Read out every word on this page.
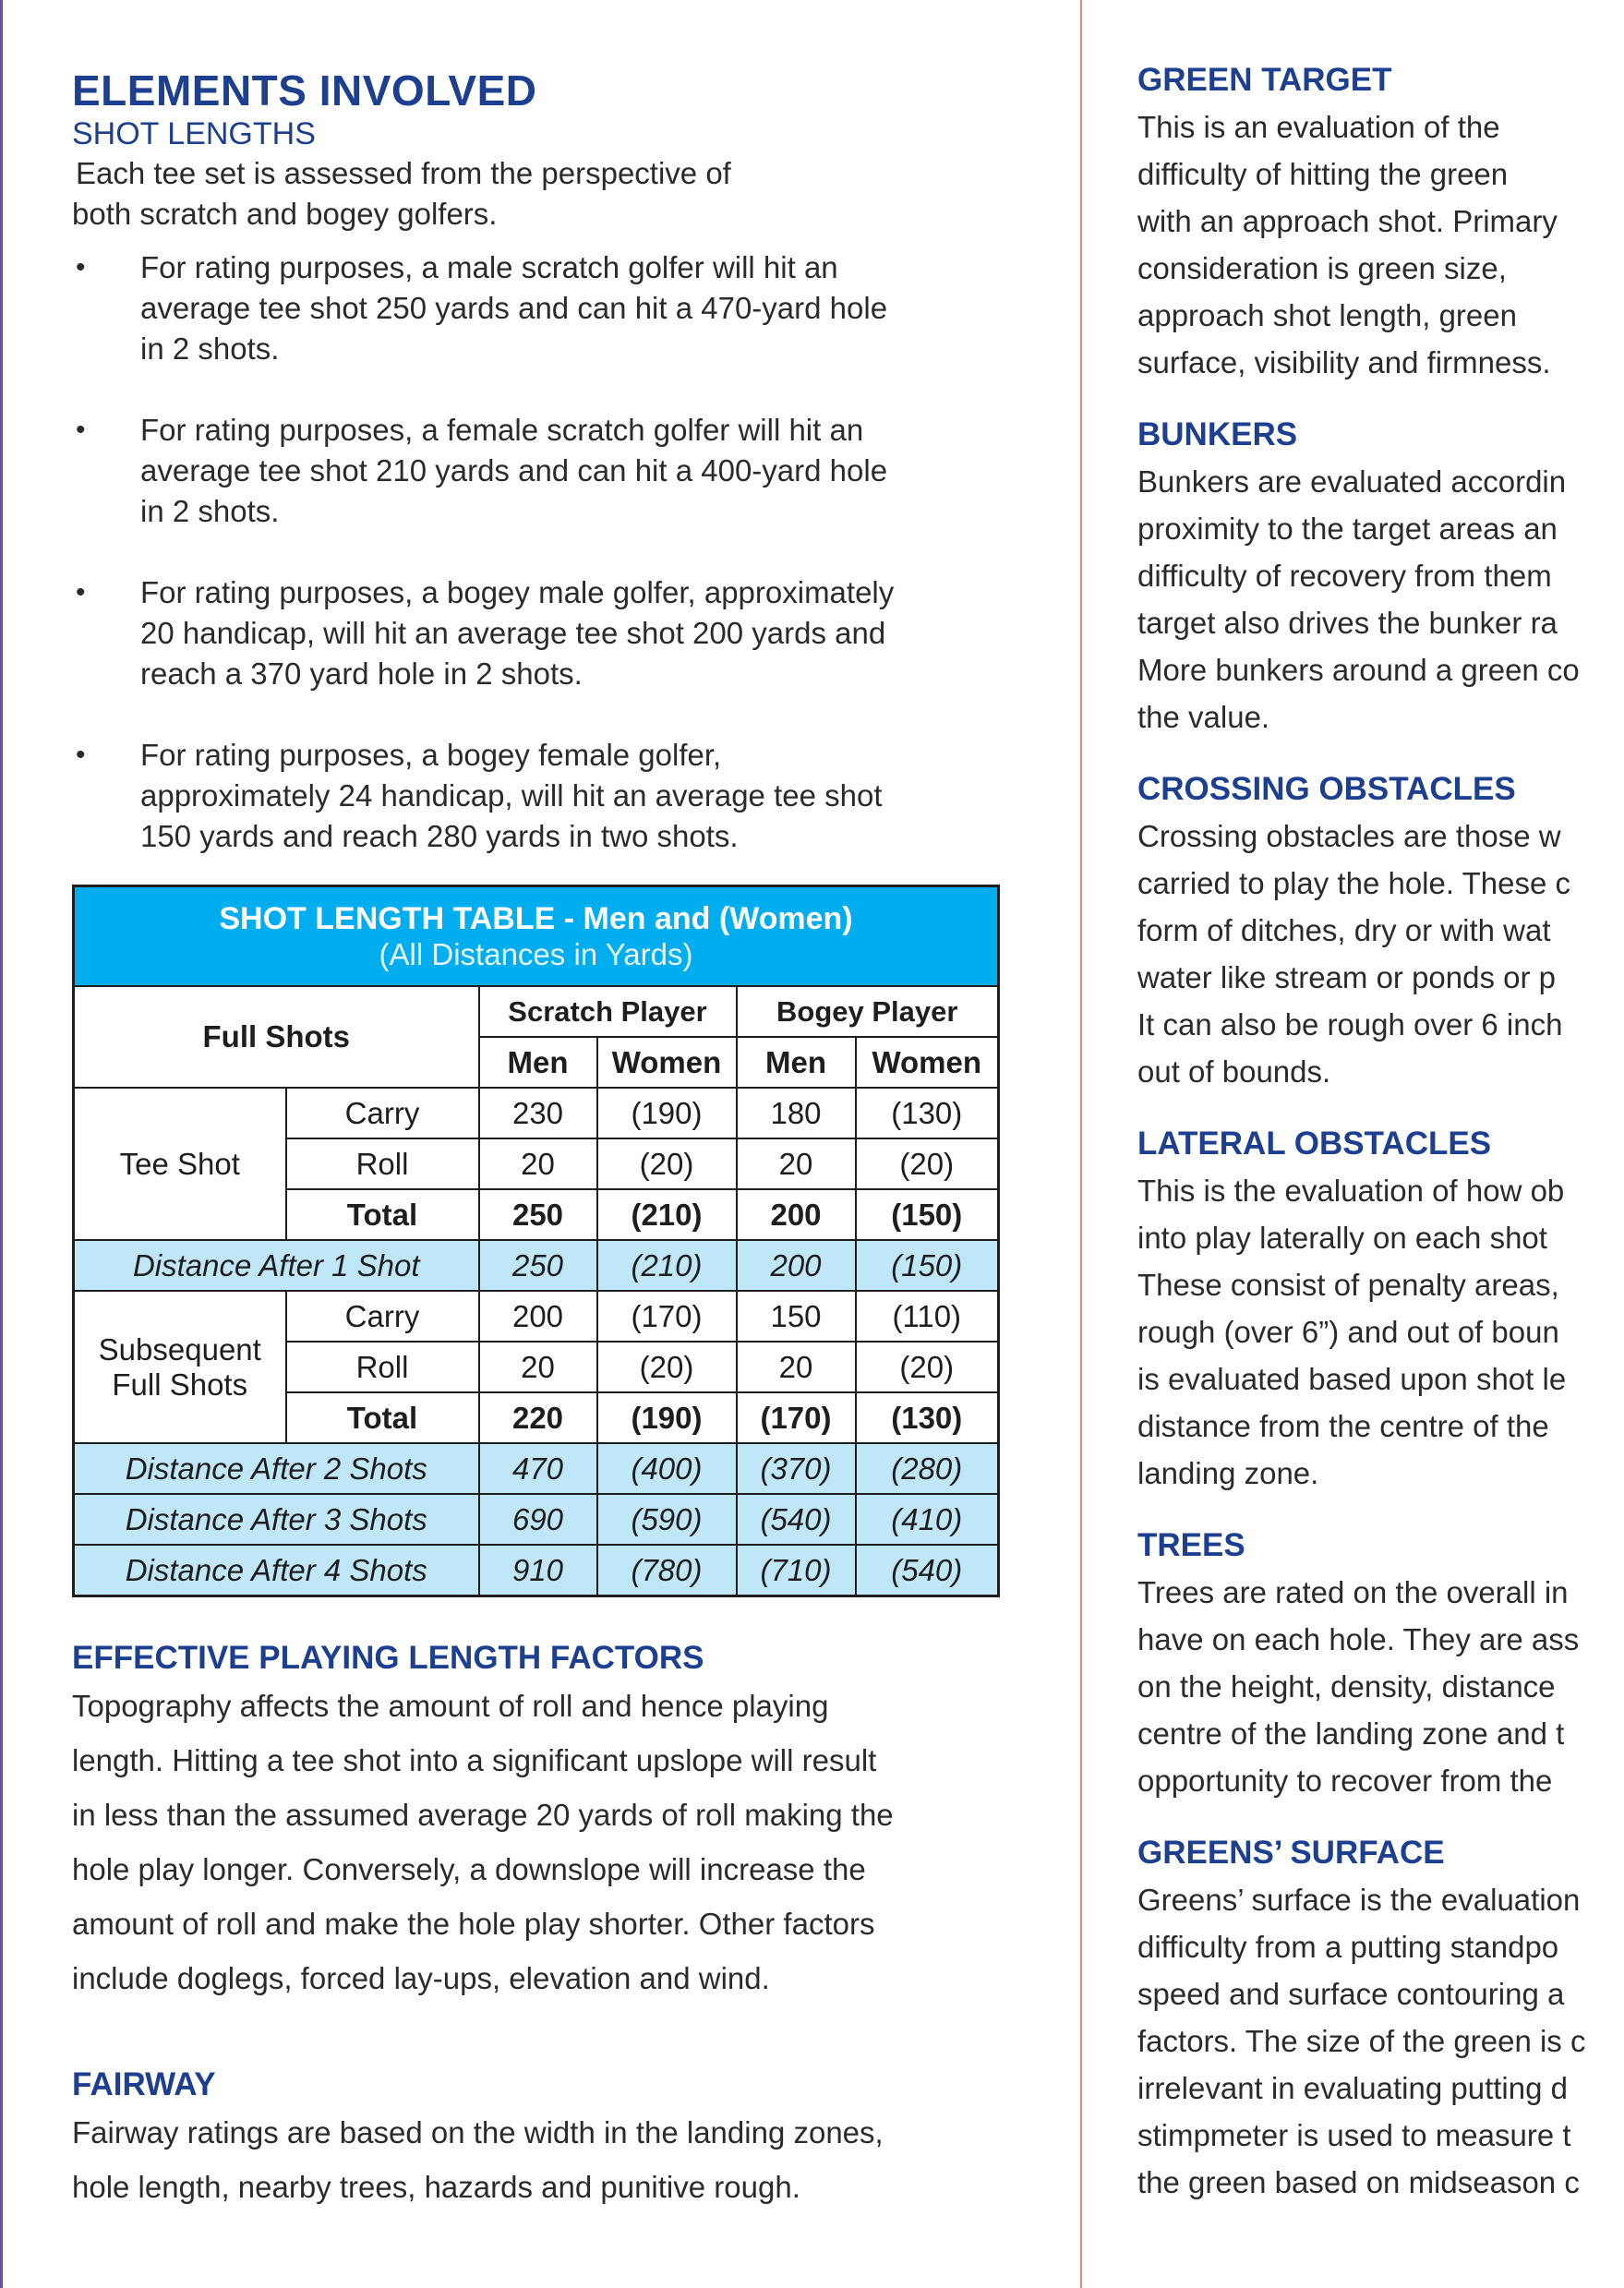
ELEMENTS INVOLVED

SHOT LENGTHS

Each tee set is assessed from the perspective of
both scratch and bogey golfers.

• For rating purposes, a male scratch golfer will hit an
average tee shot 250 yards and can hit a 470-yard hole
in 2 shots.
• For rating purposes, a female scratch golfer will hit an
average tee shot 210 yards and can hit a 400-yard hole
in 2 shots.
• For rating purposes, a bogey male golfer, approximately
20 handicap, will hit an average tee shot 200 yards and
reach a 370 yard hole in 2 shots.
• For rating purposes, a bogey female golfer,
approximately 24 handicap, will hit an average tee shot
150 yards and reach 280 yards in two shots.
SHOT LENGTH TABLE - Men and (Women)
(All Distances in Yards)					

Full Shots		Scratch Player		Bogey Player	
		Men	Women	Men	Women
Tee Shot	Carry	230	(190)	180	(130)
	Roll	20	(20)	20	(20)
	Total	250	(210)	200	(150)
Distance After 1 Shot		250	(210)	200	(150)

Subsequent
Full Shots	Carry	200	(170)	150	(110)
	Roll	20	(20)	20	(20)
	Total	220	(190)	(170)	(130)
Distance After 2 Shots		470	(400)	(370)	(280)
Distance After 3 Shots		690	(590)	(540)	(410)
Distance After 4 Shots		910	(780)	(710)	(540)
EFFECTIVE PLAYING LENGTH FACTORS

Topography affects the amount of roll and hence playing
length. Hitting a tee shot into a significant upslope will result
in less than the assumed average 20 yards of roll making the
hole play longer. Conversely, a downslope will increase the
amount of roll and make the hole play shorter. Other factors
include doglegs, forced lay-ups, elevation and wind.

FAIRWAY

Fairway ratings are based on the width in the landing zones,
hole length, nearby trees, hazards and punitive rough.

GREEN TARGET

This is an evaluation of the
difficulty of hitting the green
with an approach shot. Primary
consideration is green size,
approach shot length, green
surface, visibility and firmness.

BUNKERS

Bunkers are evaluated accordin
proximity to the target areas an
difficulty of recovery from them
target also drives the bunker ra
More bunkers around a green co
the value.

CROSSING OBSTACLES

Crossing obstacles are those w
carried to play the hole. These c
form of ditches, dry or with wat
water like stream or ponds or p
It can also be rough over 6 inch
out of bounds.

LATERAL OBSTACLES

This is the evaluation of how ob
into play laterally on each shot
These consist of penalty areas,
rough (over 6”) and out of boun
is evaluated based upon shot le
distance from the centre of the
landing zone.

TREES

Trees are rated on the overall in
have on each hole. They are ass
on the height, density, distance
centre of the landing zone and t
opportunity to recover from the

GREENS’ SURFACE

Greens’ surface is the evaluation
difficulty from a putting standpo
speed and surface contouring a
factors. The size of the green is c
irrelevant in evaluating putting d
stimpmeter is used to measure t
the green based on midseason c
